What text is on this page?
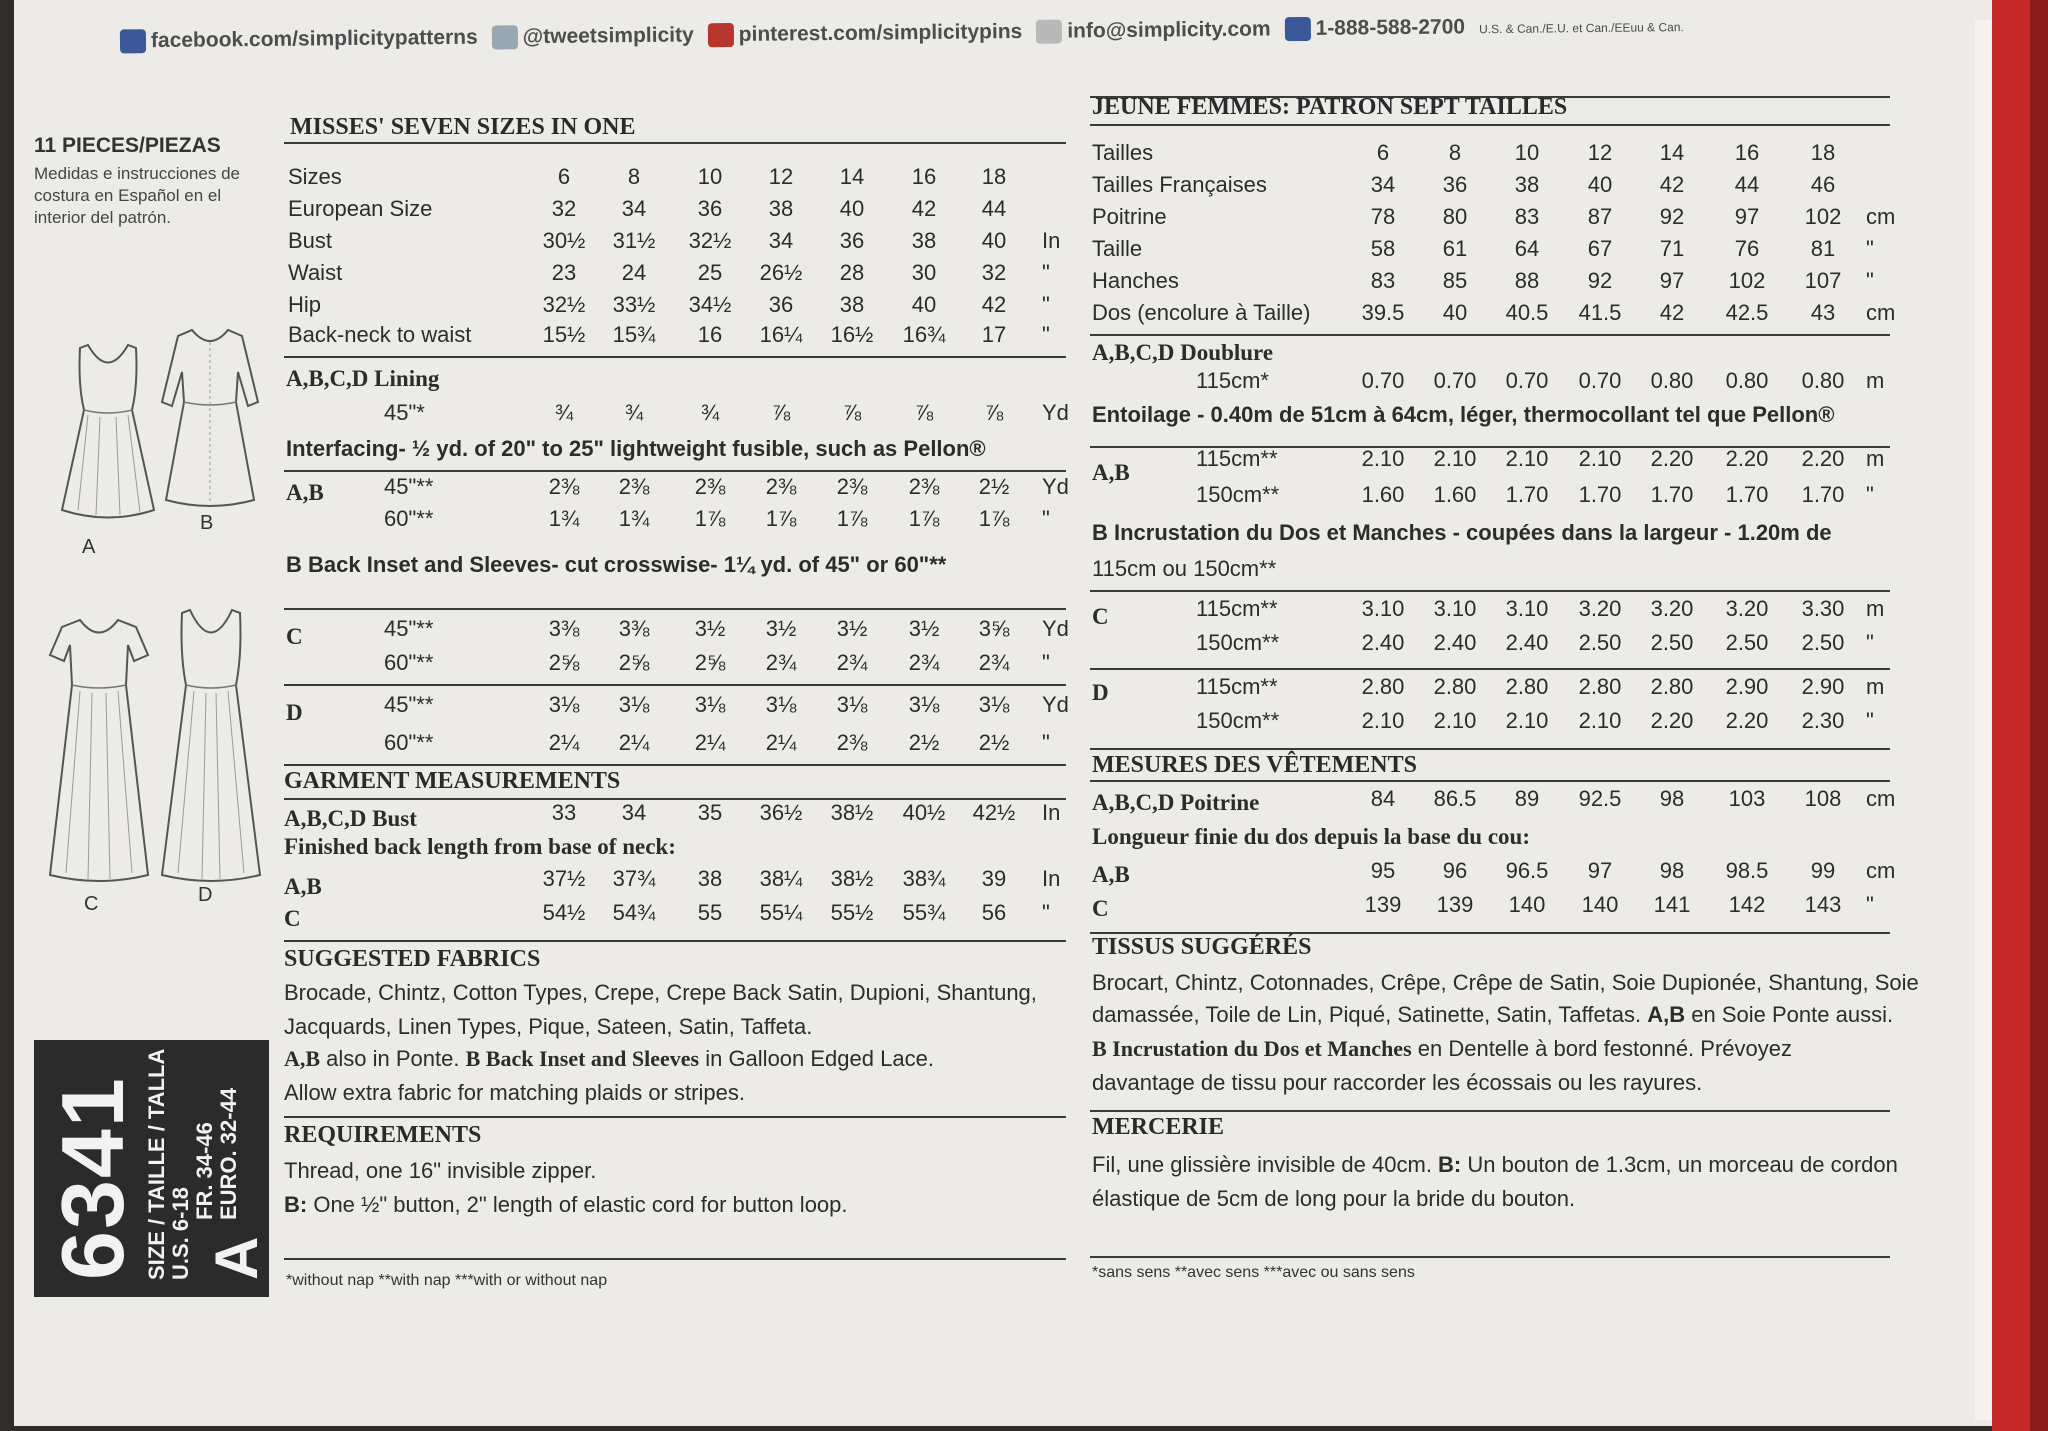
facebook.com/simplicitypatterns @tweetsimplicity pinterest.com/simplicitypins info@simplicity.com 1-888-588-2700 U.S. & Can./E.U. et Can./EEuu & Can.
11 PIECES/PIEZAS
Medidas e instrucciones de costura en Español en el interior del patrón.
A
B
C	D
6341 SIZE / TAILLE / TALLA U.S. 6-18 A
FR. 34-46 EURO. 32-44
MISSES' SEVEN SIZES IN ONE
Sizes	6	8	10	12	14	16	18
European Size	32	34	36	38	40	42	44
Bust	30½	31½	32½	34	36	38	40	In
Waist	23	24	25	26½	28	30	32	"
Hip	32½	33½	34½	36	38	40	42	"
Back-neck to waist	15½	15¾	16	16¼	16½	16¾	17	"
A,B,C,D Lining
45"*	¾	¾	¾	⅞	⅞	⅞	⅞	Yd
Interfacing- ½ yd. of 20" to 25" lightweight fusible, such as Pellon®
A,B	45"**	2⅜	2⅜	2⅜	2⅜	2⅜	2⅜	2½	Yd
60"**	1¾	1¾	1⅞	1⅞	1⅞	1⅞	1⅞	"
B Back Inset and Sleeves- cut crosswise- 1¼ yd. of 45" or 60"**
C	45"**	3⅜	3⅜	3½	3½	3½	3½	3⅝	Yd
60"**	2⅝	2⅝	2⅝	2¾	2¾	2¾	2¾	"
D	45"**	3⅛	3⅛	3⅛	3⅛	3⅛	3⅛	3⅛	Yd
60"**	2¼	2¼	2¼	2¼	2⅜	2½	2½	"
GARMENT MEASUREMENTS
A,B,C,D Bust	33	34	35	36½	38½	40½	42½	In
Finished back length from base of neck:
A,B	37½	37¾	38	38¼	38½	38¾	39	In
C	54½	54¾	55	55¼	55½	55¾	56	"
SUGGESTED FABRICS
Brocade, Chintz, Cotton Types, Crepe, Crepe Back Satin, Dupioni, Shantung,
Jacquards, Linen Types, Pique, Sateen, Satin, Taffeta.
A,B also in Ponte. B Back Inset and Sleeves in Galloon Edged Lace.
Allow extra fabric for matching plaids or stripes.
REQUIREMENTS
Thread, one 16" invisible zipper.
B: One ½" button, 2" length of elastic cord for button loop.
*without nap **with nap ***with or without nap
JEUNE FEMMES: PATRON SEPT TAILLES
Tailles	6	8	10	12	14	16	18
Tailles Françaises	34	36	38	40	42	44	46
Poitrine	78	80	83	87	92	97	102	cm
Taille	58	61	64	67	71	76	81	"
Hanches	83	85	88	92	97	102	107	"
Dos (encolure à Taille)	39.5	40	40.5	41.5	42	42.5	43	cm
A,B,C,D Doublure
115cm*	0.70	0.70	0.70	0.70	0.80	0.80	0.80 m
Entoilage - 0.40m de 51cm à 64cm, léger, thermocollant tel que Pellon®
A,B
115cm**	2.10	2.10	2.10	2.10	2.20	2.20	2.20 m
150cm**	1.60	1.60	1.70	1.70	1.70	1.70	1.70 "
B Incrustation du Dos et Manches - coupées dans la largeur - 1.20m de
115cm ou 150cm**
C	115cm**	3.10	3.10	3.10	3.20	3.20	3.20	3.30 m
150cm**	2.40	2.40	2.40	2.50	2.50	2.50	2.50 "
D	115cm**	2.80	2.80	2.80	2.80	2.80	2.90	2.90 m
150cm**	2.10	2.10	2.10	2.10	2.20	2.20	2.30 "
MESURES DES VÊTEMENTS
A,B,C,D Poitrine	84	86.5	89	92.5	98	103	108	cm
Longueur finie du dos depuis la base du cou:
A,B	95	96	96.5	97	98	98.5	99	cm
C	139	139	140	140	141	142	143	"
TISSUS SUGGÉRÉS
Brocart, Chintz, Cotonnades, Crêpe, Crêpe de Satin, Soie Dupionée, Shantung, Soie
damassée, Toile de Lin, Piqué, Satinette, Satin, Taffetas. A,B en Soie Ponte aussi.
B Incrustation du Dos et Manches en Dentelle à bord festonné. Prévoyez
davantage de tissu pour raccorder les écossais ou les rayures.
MERCERIE
Fil, une glissière invisible de 40cm. B: Un bouton de 1.3cm, un morceau de cordon
élastique de 5cm de long pour la bride du bouton.
*sans sens **avec sens ***avec ou sans sens
